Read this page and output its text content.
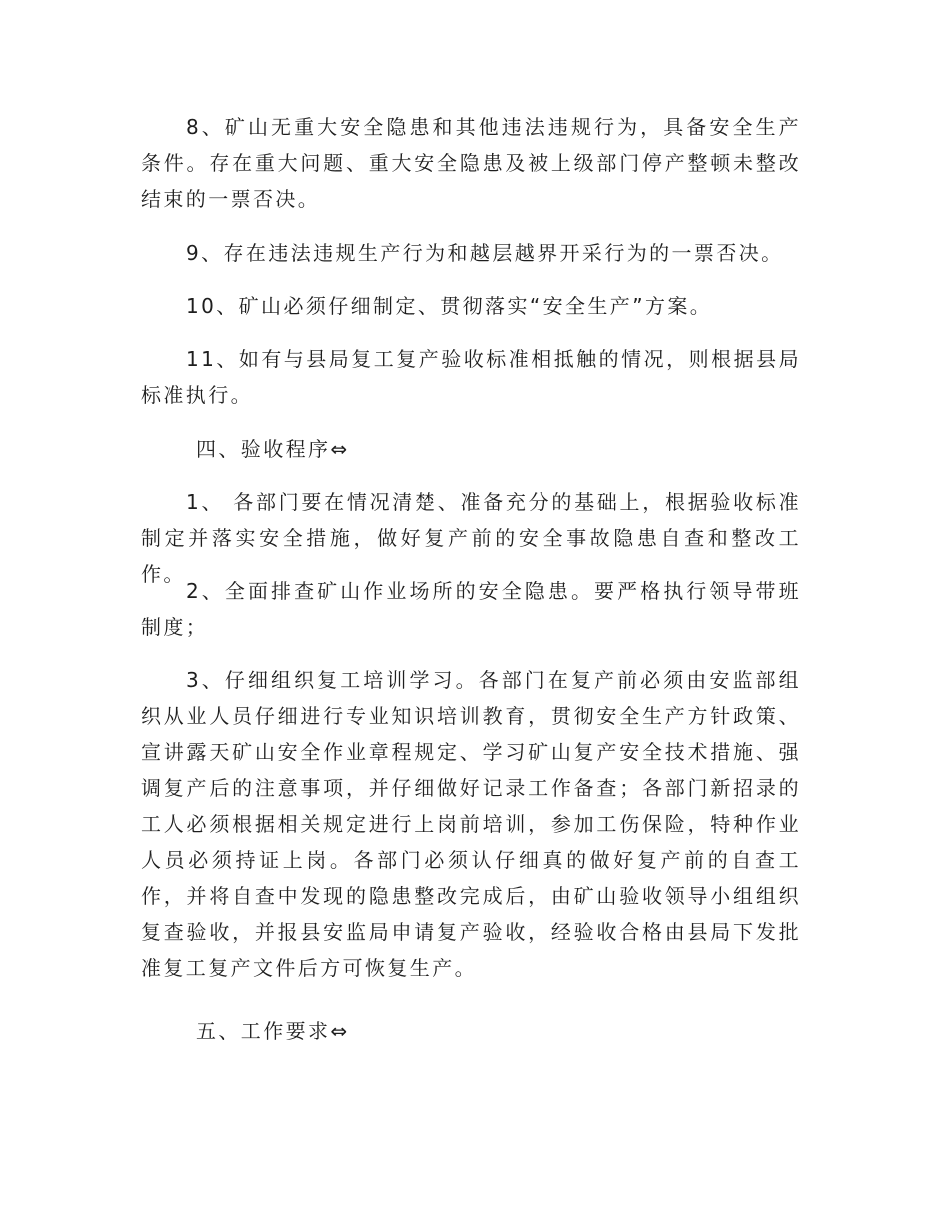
8、矿山无重大安全隐患和其他违法违规行为，具备安全生产条件。存在重大问题、重大安全隐患及被上级部门停产整顿未整改结束的一票否决。

9、存在违法违规生产行为和越层越界开采行为的一票否决。

10、矿山必须仔细制定、贯彻落实“安全生产”方案。

11、如有与县局复工复产验收标准相抵触的情况，则根据县局标准执行。

四、验收程序⇔

1、 各部门要在情况清楚、准备充分的基础上，根据验收标准制定并落实安全措施，做好复产前的安全事故隐患自查和整改工作。

2、全面排查矿山作业场所的安全隐患。要严格执行领导带班制度；

3、仔细组织复工培训学习。各部门在复产前必须由安监部组织从业人员仔细进行专业知识培训教育，贯彻安全生产方针政策、宣讲露天矿山安全作业章程规定、学习矿山复产安全技术措施、强调复产后的注意事项，并仔细做好记录工作备查；各部门新招录的工人必须根据相关规定进行上岗前培训，参加工伤保险，特种作业人员必须持证上岗。各部门必须认仔细真的做好复产前的自查工作，并将自查中发现的隐患整改完成后，由矿山验收领导小组组织复查验收，并报县安监局申请复产验收，经验收合格由县局下发批准复工复产文件后方可恢复生产。

五、工作要求⇔
